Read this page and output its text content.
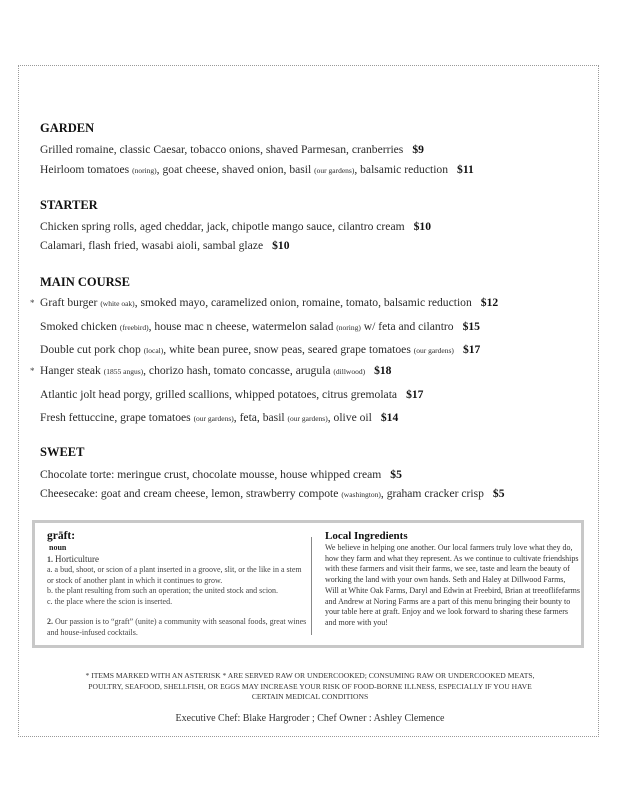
GARDEN
Grilled romaine, classic Caesar, tobacco onions, shaved Parmesan, cranberries $9
Heirloom tomatoes (noring), goat cheese, shaved onion, basil (our gardens), balsamic reduction $11
STARTER
Chicken spring rolls, aged cheddar, jack, chipotle mango sauce, cilantro cream $10
Calamari, flash fried, wasabi aioli, sambal glaze $10
MAIN COURSE
* Graft burger (white oak), smoked mayo, caramelized onion, romaine, tomato, balsamic reduction $12
Smoked chicken (freebird), house mac n cheese, watermelon salad (noring) w/ feta and cilantro $15
Double cut pork chop (local), white bean puree, snow peas, seared grape tomatoes (our gardens) $17
* Hanger steak (1855 angus), chorizo hash, tomato concasse, arugula (dillwood) $18
Atlantic jolt head porgy, grilled scallions, whipped potatoes, citrus gremolata $17
Fresh fettuccine, grape tomatoes (our gardens), feta, basil (our gardens), olive oil $14
SWEET
Chocolate torte: meringue crust, chocolate mousse, house whipped cream $5
Cheesecake: goat and cream cheese, lemon, strawberry compote (washington), graham cracker crisp $5
grāft:
noun
1. Horticulture
a. a bud, shoot, or scion of a plant inserted in a groove, slit, or the like in a stem or stock of another plant in which it continues to grow.
b. the plant resulting from such an operation; the united stock and scion.
c. the place where the scion is inserted.
2. Our passion is to “graft” (unite) a community with seasonal foods, great wines and house-infused cocktails.
Local Ingredients
We believe in helping one another. Our local farmers truly love what they do, how they farm and what they represent. As we continue to cultivate friendships with these farmers and visit their farms, we see, taste and learn the beauty of working the land with your own hands. Seth and Haley at Dillwood Farms, Will at White Oak Farms, Daryl and Edwin at Freebird, Brian at treeoflifefarms and Andrew at Noring Farms are a part of this menu bringing their bounty to your table here at graft. Enjoy and we look forward to sharing these farmers and more with you!
* ITEMS MARKED WITH AN ASTERISK * ARE SERVED RAW OR UNDERCOOKED; CONSUMING RAW OR UNDERCOOKED MEATS, POULTRY, SEAFOOD, SHELLFISH, OR EGGS MAY INCREASE YOUR RISK OF FOOD-BORNE ILLNESS, ESPECIALLY IF YOU HAVE CERTAIN MEDICAL CONDITIONS
Executive Chef: Blake Hargroder ; Chef Owner : Ashley Clemence
